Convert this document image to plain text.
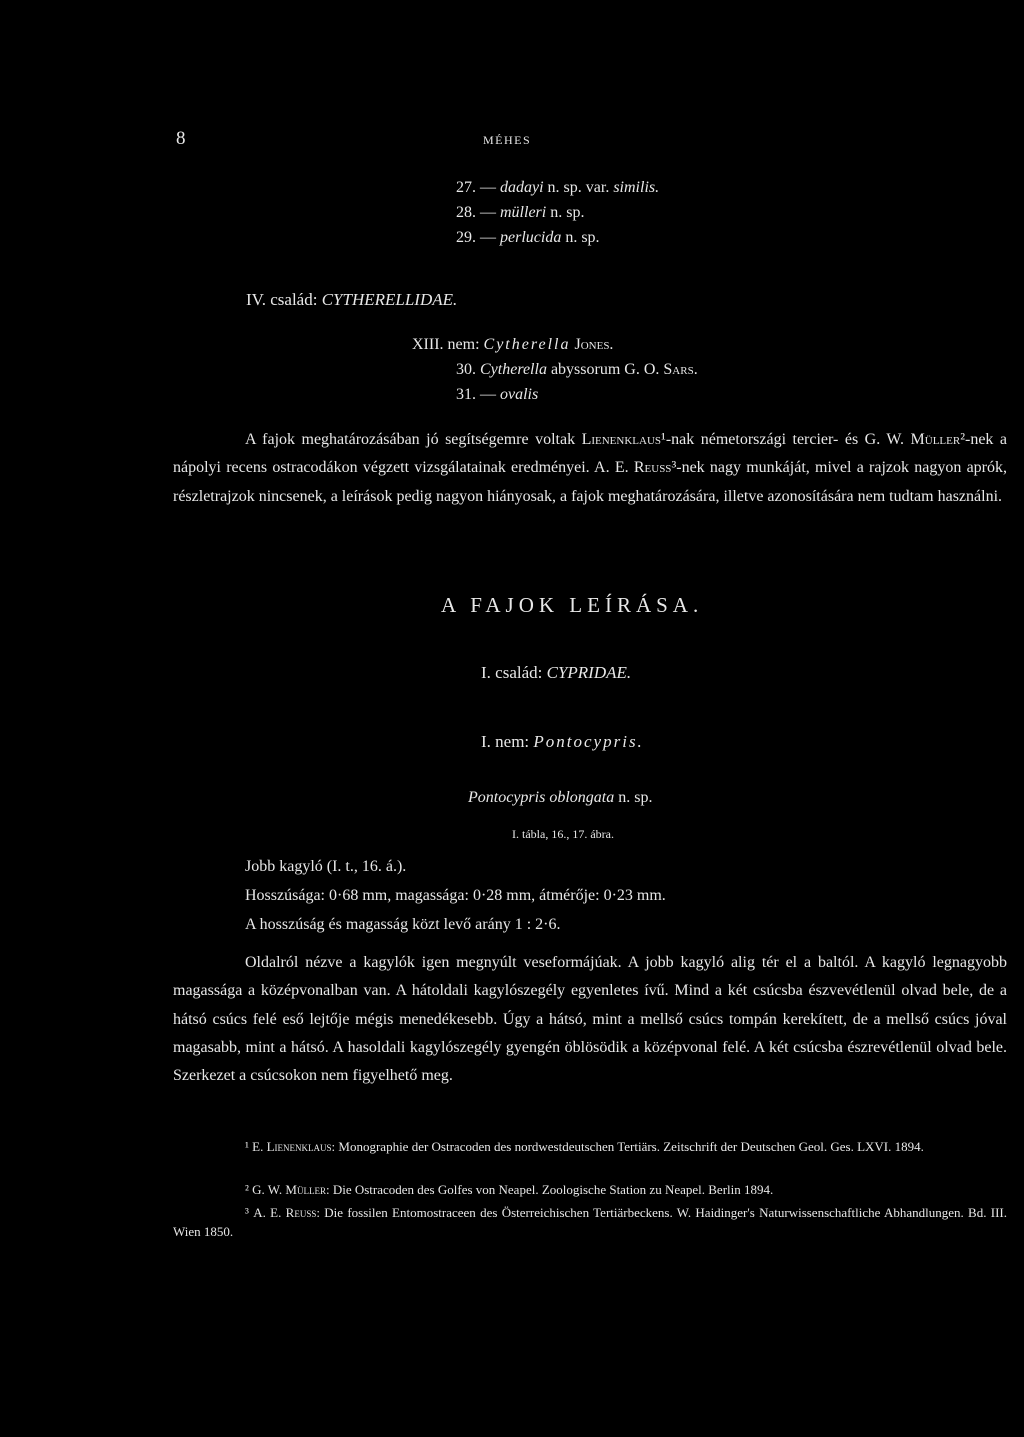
8	MÉHES
27. — dadayi n. sp. var. similis.
28. — mülleri n. sp.
29. — perlucida n. sp.
IV. család: CYTHERELLIDAE.
XIII. nem: Cytherella Jones.
30. Cytherella abyssorum G. O. Sars.
31. — ovalis
A fajok meghatározásában jó segítségemre voltak Lienenklaus¹-nak németországi tercier- és G. W. Müller²-nek a nápolyi recens ostracodákon végzett vizsgálatainak eredményei. A. E. Reuss³-nek nagy munkáját, mivel a rajzok nagyon aprók, részletrajzok nincsenek, a leírások pedig nagyon hiányosak, a fajok meghatározására, illetve azonosítására nem tudtam használni.
A FAJOK LEÍRÁSA.
I. család: CYPRIDAE.
I. nem: Pontocypris.
Pontocypris oblongata n. sp.
I. tábla, 16., 17. ábra.
Jobb kagyló (I. t., 16. á.).
Hosszúsága: 0·68 mm, magassága: 0·28 mm, átmérője: 0·23 mm.
A hosszúság és magasság közt levő arány 1 : 2·6.
Oldalról nézve a kagylók igen megnyúlt veseformájúak. A jobb kagyló alig tér el a baltól. A kagyló legnagyobb magassága a középvonalban van. A hátoldali kagylószegély egyenletes ívű. Mind a két csúcsba észvevétlenül olvad bele, de a hátsó csúcs felé eső lejtője mégis menedékesebb. Úgy a hátsó, mint a mellső csúcs tompán kerekített, de a mellső csúcs jóval magasabb, mint a hátsó. A hasoldali kagylószegély gyengén öblösödik a középvonal felé. A két csúcsba észrevétlenül olvad bele. Szerkezet a csúcsokon nem figyelhető meg.
¹ E. Lienenklaus: Monographie der Ostracoden des nordwestdeutschen Tertiärs. Zeitschrift der Deutschen Geol. Ges. LXVI. 1894.
² G. W. Müller: Die Ostracoden des Golfes von Neapel. Zoologische Station zu Neapel. Berlin 1894.
³ A. E. Reuss: Die fossilen Entomostraceen des Österreichischen Tertiärbeckens. W. Haidinger's Naturwissenschaftliche Abhandlungen. Bd. III. Wien 1850.
